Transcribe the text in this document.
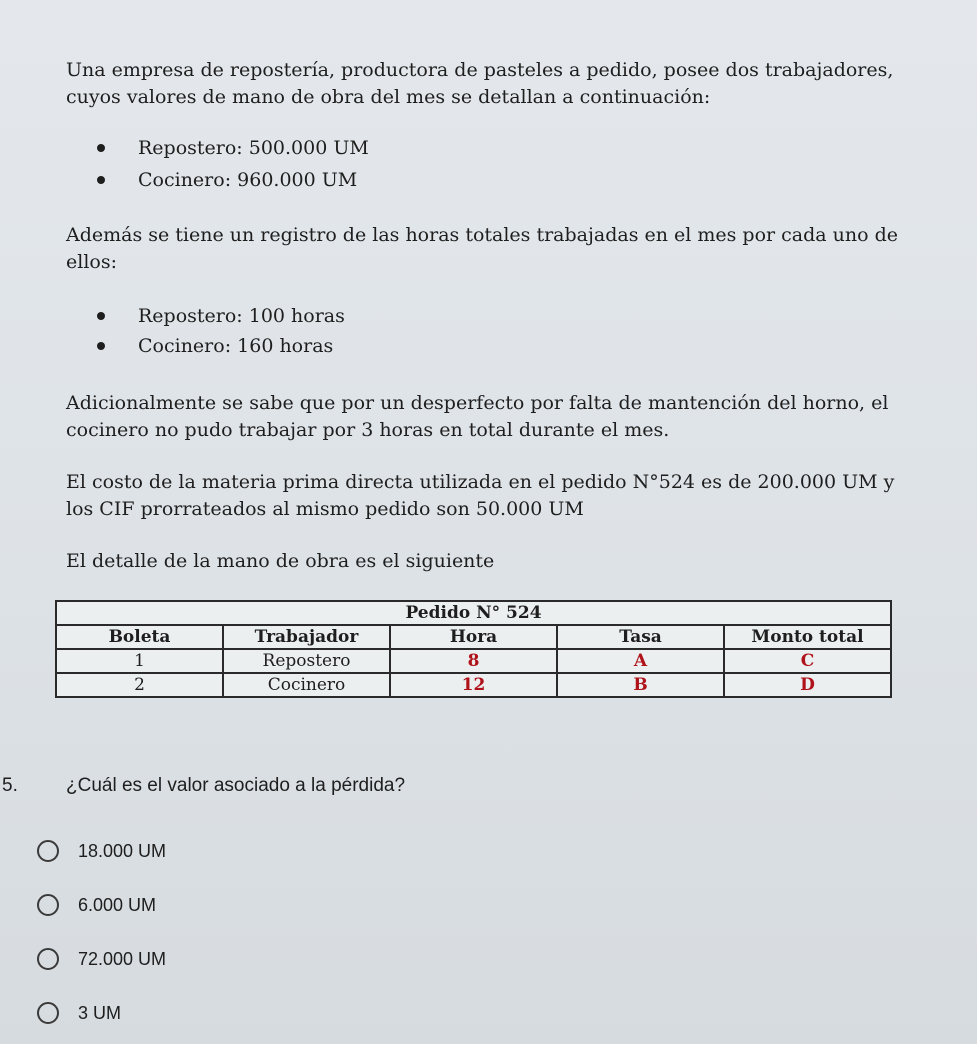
Una empresa de repostería, productora de pasteles a pedido, posee dos trabajadores, cuyos valores de mano de obra del mes se detallan a continuación:

Repostero: 500.000 UM
Cocinero: 960.000 UM

Además se tiene un registro de las horas totales trabajadas en el mes por cada uno de ellos:

Repostero: 100 horas
Cocinero: 160 horas

Adicionalmente se sabe que por un desperfecto por falta de mantención del horno, el cocinero no pudo trabajar por 3 horas en total durante el mes.

El costo de la materia prima directa utilizada en el pedido N°524 es de 200.000 UM y los CIF prorrateados al mismo pedido son 50.000 UM

El detalle de la mano de obra es el siguiente

Pedido N° 524				
Boleta	Trabajador	Hora	Tasa	Monto total
1	Repostero	8	A	C
2	Cocinero	12	B	D
5.	¿Cuál es el valor asociado a la pérdida?
18.000 UM
6.000 UM
72.000 UM
3 UM
